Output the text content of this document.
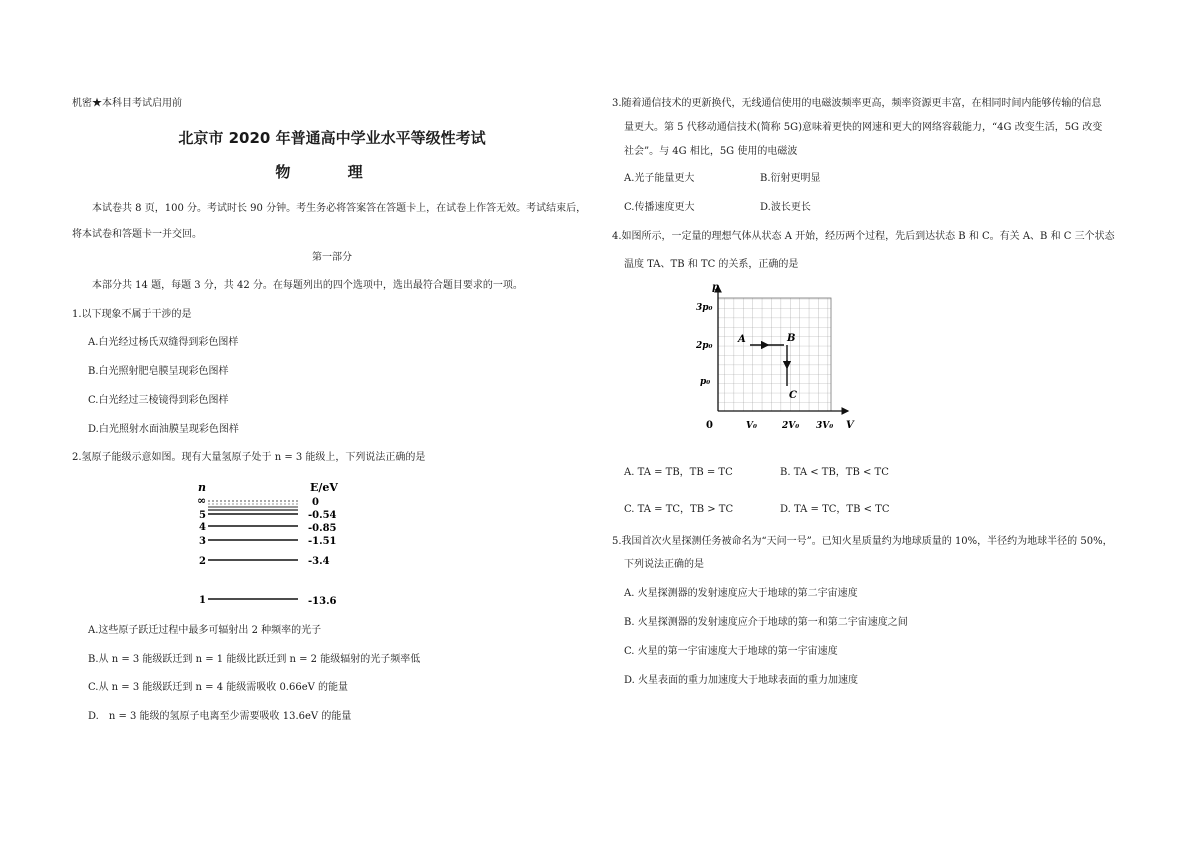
机密★本科目考试启用前
北京市 2020 年普通高中学业水平等级性考试
物 理
本试卷共 8 页，100 分。考试时长 90 分钟。考生务必将答案答在答题卡上，在试卷上作答无效。考试结束后，将本试卷和答题卡一并交回。
第一部分
本部分共 14 题，每题 3 分，共 42 分。在每题列出的四个选项中，选出最符合题目要求的一项。
1.以下现象不属于干涉的是
A.白光经过杨氏双缝得到彩色图样
B.白光照射肥皂膜呈现彩色图样
C.白光经过三棱镜得到彩色图样
D.白光照射水面油膜呈现彩色图样
2.氢原子能级示意如图。现有大量氢原子处于 n = 3 能级上，下列说法正确的是
n	E/eV
∞
5
4
3
2
1
0
-0.54
-0.85
-1.51
-3.4
-13.6
A.这些原子跃迁过程中最多可辐射出 2 种频率的光子
B.从 n = 3 能级跃迁到 n = 1 能级比跃迁到 n = 2 能级辐射的光子频率低
C.从 n = 3 能级跃迁到 n = 4 能级需吸收 0.66eV 的能量
D.　n = 3 能级的氢原子电离至少需要吸收 13.6eV 的能量
3.随着通信技术的更新换代，无线通信使用的电磁波频率更高，频率资源更丰富，在相同时间内能够传输的信息
量更大。第 5 代移动通信技术(简称 5G)意味着更快的网速和更大的网络容载能力，“4G 改变生活，5G 改变
社会”。与 4G 相比，5G 使用的电磁波
A.光子能量更大	B.衍射更明显
C.传播速度更大	D.波长更长
4.如图所示，一定量的理想气体从状态 A 开始，经历两个过程，先后到达状态 B 和 C。有关 A、B 和 C 三个状态
温度 TA、TB 和 TC 的关系，正确的是
p
V
0
p₀
2p₀
3p₀
V₀	2V₀ 3V₀
A	B
C
A. TA = TB，TB = TC	B. TA < TB，TB < TC
C. TA = TC，TB > TC	D. TA = TC，TB < TC
5.我国首次火星探测任务被命名为“天问一号”。已知火星质量约为地球质量的 10%，半径约为地球半径的 50%，
下列说法正确的是
A. 火星探测器的发射速度应大于地球的第二宇宙速度
B. 火星探测器的发射速度应介于地球的第一和第二宇宙速度之间
C. 火星的第一宇宙速度大于地球的第一宇宙速度
D. 火星表面的重力加速度大于地球表面的重力加速度
